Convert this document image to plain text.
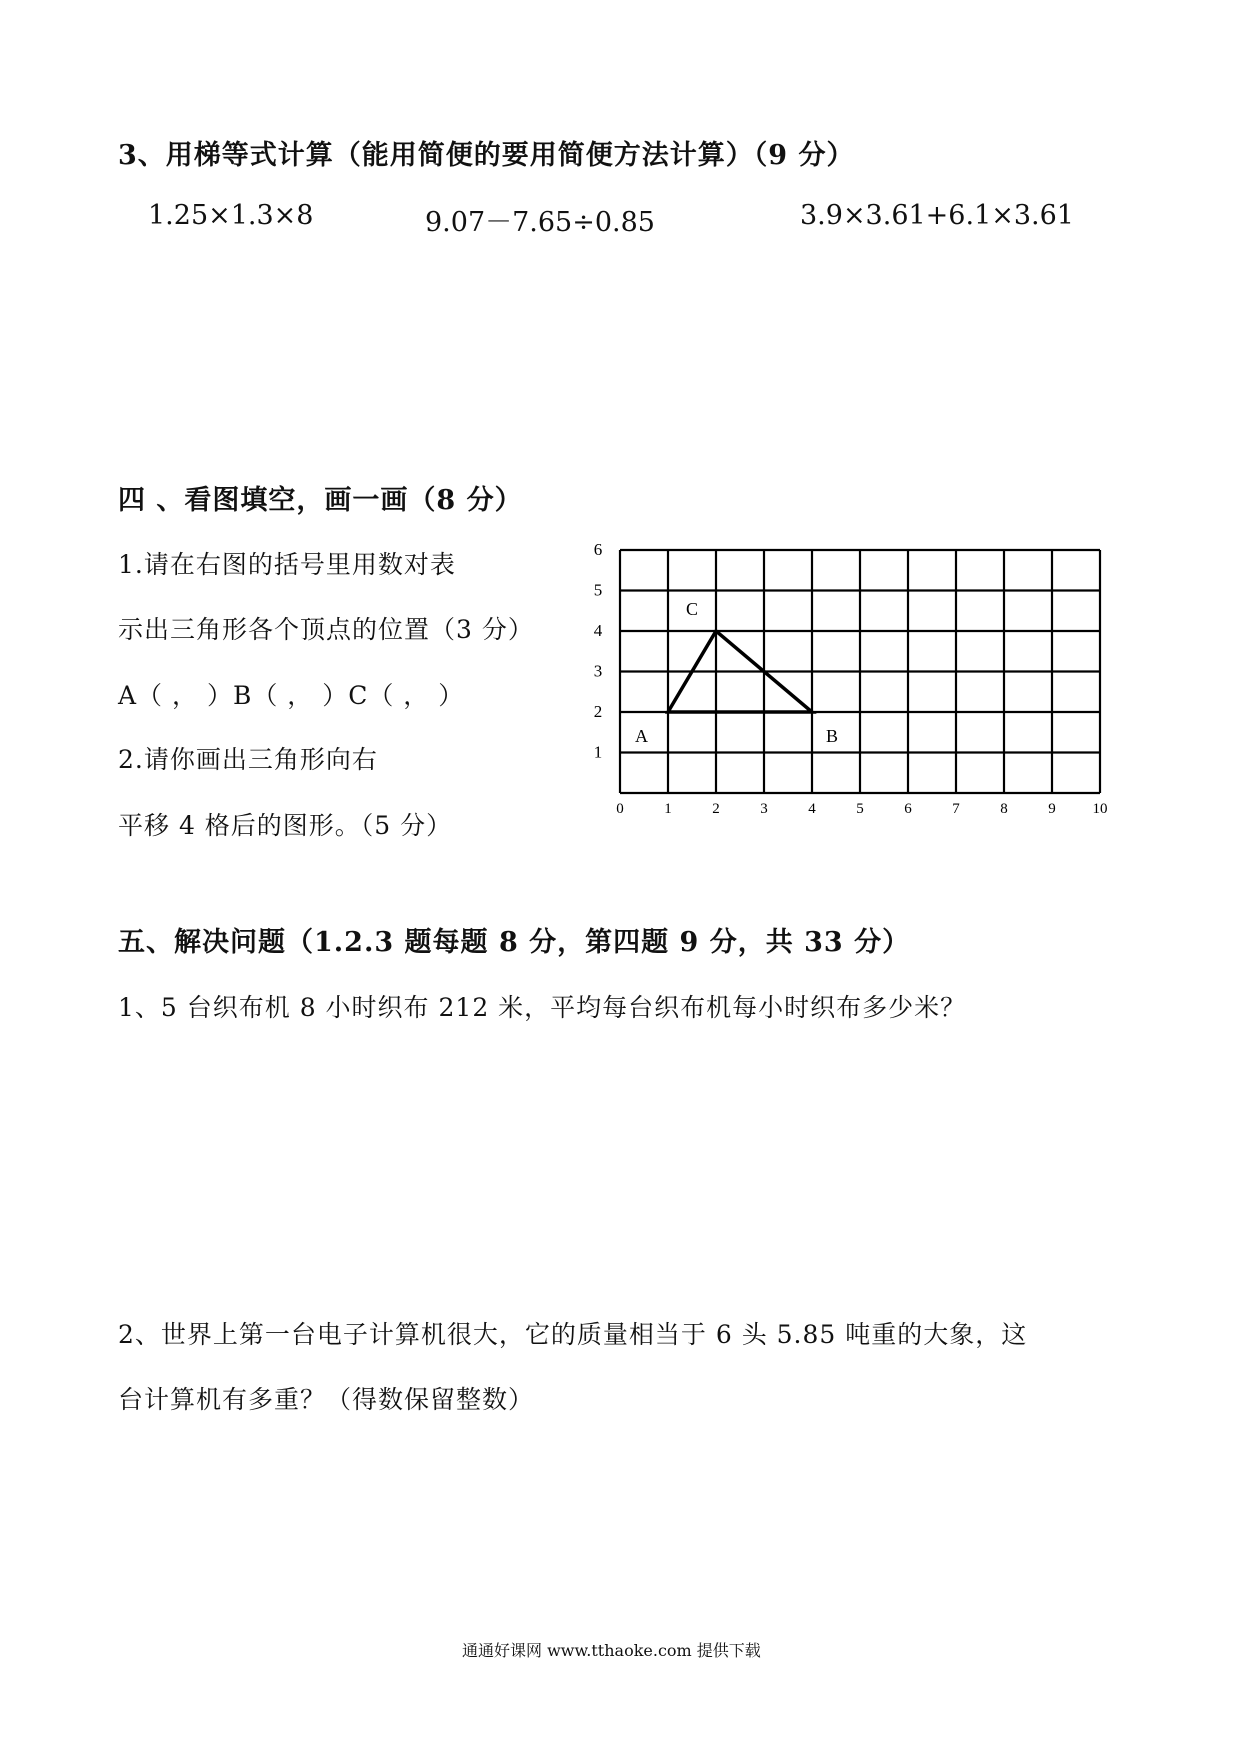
3、用梯等式计算（能用简便的要用简便方法计算）（9 分）
1.25×1.3×8	9.07－7.65÷0.85	3.9×3.61+6.1×3.61
四 、看图填空，画一画（8 分）
1.请在右图的括号里用数对表
示出三角形各个顶点的位置（3 分）
A（ ， ）B（ ， ）C（ ， ）
2.请你画出三角形向右
平移 4 格后的图形。（5 分）
0	1	2	3	4	5	6	7	8	9 10
1
2
3
4
5
6
A	B
C
五、解决问题（1.2.3 题每题 8 分，第四题 9 分，共 33 分）
1、5 台织布机 8 小时织布 212 米，平均每台织布机每小时织布多少米？
2、世界上第一台电子计算机很大，它的质量相当于 6 头 5.85 吨重的大象，这
台计算机有多重？（得数保留整数）
通通好课网 www.tthaoke.com 提供下载
